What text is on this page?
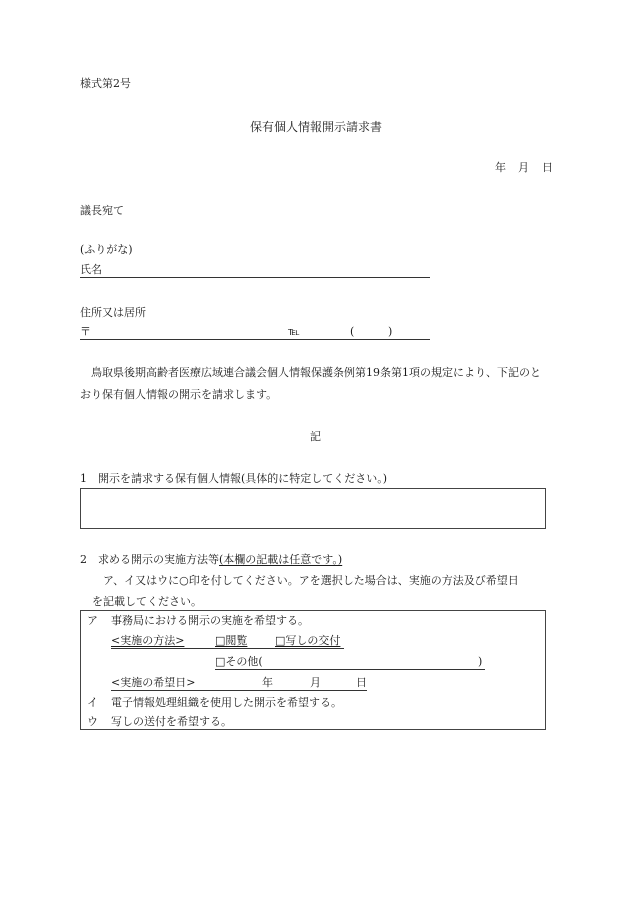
様式第2号
保有個人情報開示請求書
年 月 日
議長宛て
(ふりがな)
氏名
住所又は居所
〒	℡	(	)
鳥取県後期高齢者医療広域連合議会個人情報保護条例第19条第1項の規定により、下記のと
おり保有個人情報の開示を請求します。
記
1　開示を請求する保有個人情報(具体的に特定してください。)
2　求める開示の実施方法等(本欄の記載は任意です。)
ア、イ又はウに○印を付してください。アを選択した場合は、実施の方法及び希望日
を記載してください。
ア 事務局における開示の実施を希望する。
<実施の方法>	□閲覧	□写しの交付
□その他(	)
<実施の希望日>	年	月	日
イ 電子情報処理組織を使用した開示を希望する。
ウ 写しの送付を希望する。
